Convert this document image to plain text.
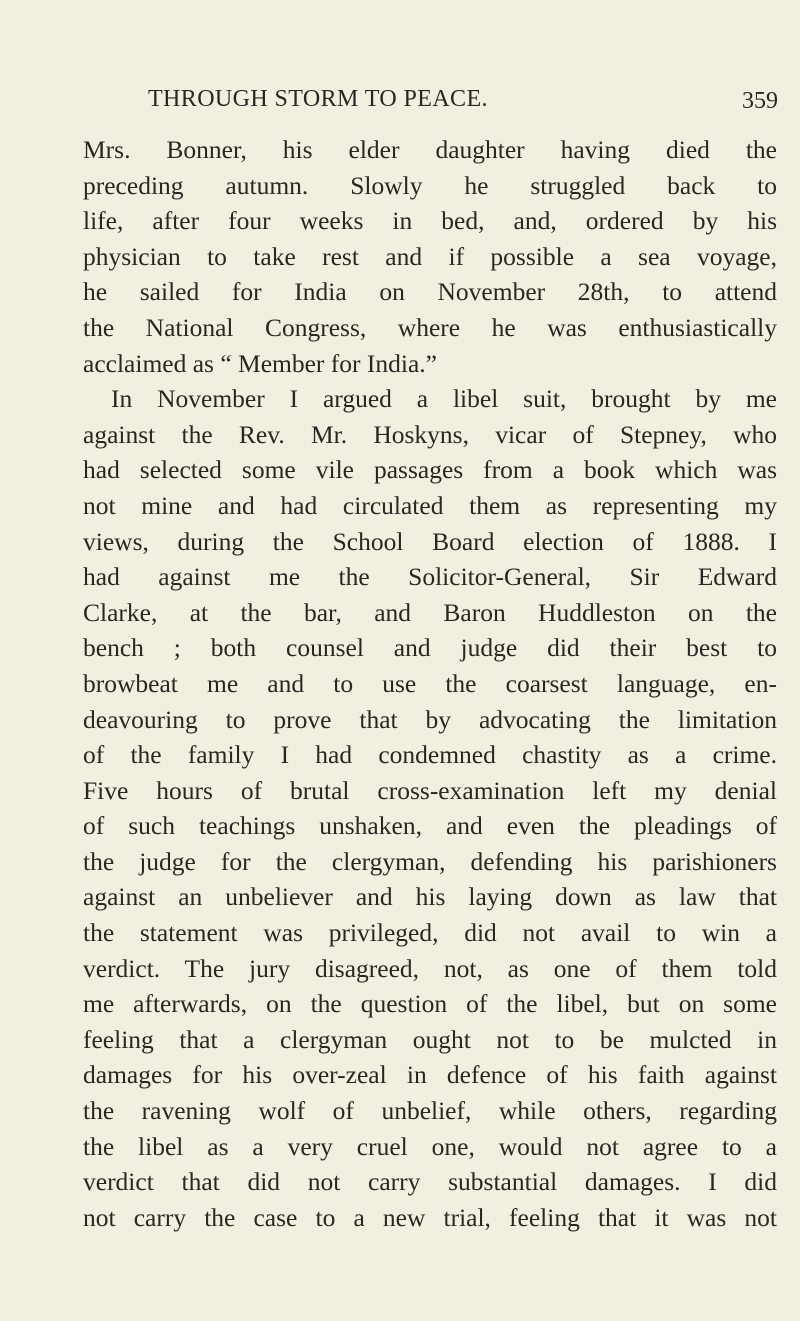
THROUGH STORM TO PEACE.	359
Mrs. Bonner, his elder daughter having died the
preceding autumn. Slowly he struggled back to
life, after four weeks in bed, and, ordered by his
physician to take rest and if possible a sea voyage,
he sailed for India on November 28th, to attend
the National Congress, where he was enthusiastically
acclaimed as “ Member for India.”
In November I argued a libel suit, brought by me
against the Rev. Mr. Hoskyns, vicar of Stepney, who
had selected some vile passages from a book which was
not mine and had circulated them as representing my
views, during the School Board election of 1888. I
had against me the Solicitor-General, Sir Edward
Clarke, at the bar, and Baron Huddleston on the
bench ; both counsel and judge did their best to
browbeat me and to use the coarsest language, en-
deavouring to prove that by advocating the limitation
of the family I had condemned chastity as a crime.
Five hours of brutal cross-examination left my denial
of such teachings unshaken, and even the pleadings of
the judge for the clergyman, defending his parishioners
against an unbeliever and his laying down as law that
the statement was privileged, did not avail to win a
verdict. The jury disagreed, not, as one of them told
me afterwards, on the question of the libel, but on some
feeling that a clergyman ought not to be mulcted in
damages for his over-zeal in defence of his faith against
the ravening wolf of unbelief, while others, regarding
the libel as a very cruel one, would not agree to a
verdict that did not carry substantial damages. I did
not carry the case to a new trial, feeling that it was not
